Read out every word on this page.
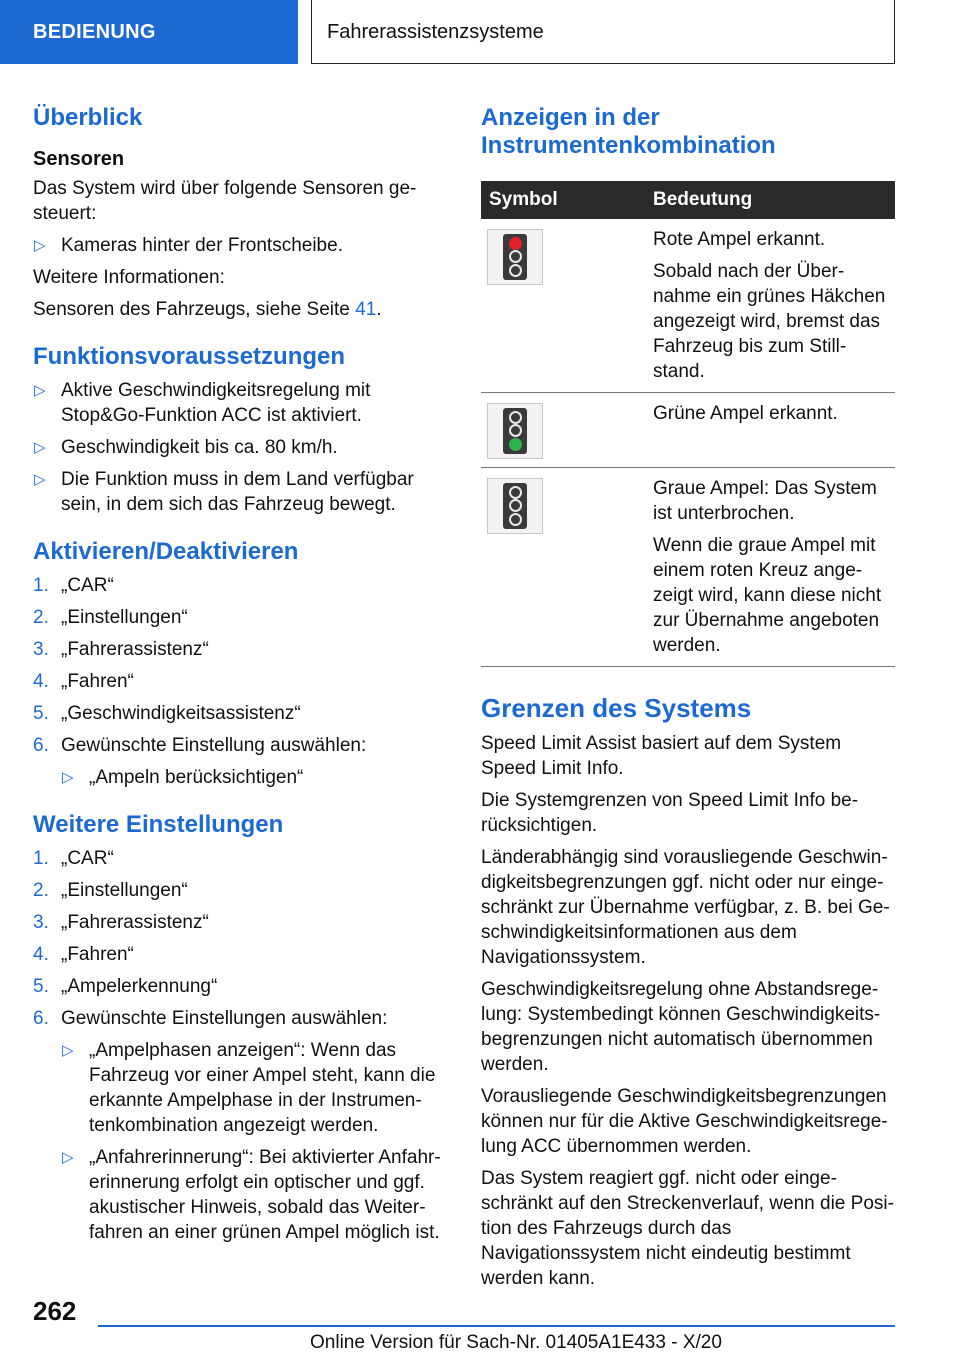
BEDIENUNG	Fahrerassistenzsysteme
Überblick
Sensoren

Das System wird über folgende Sensoren gesteuert:

▷ Kameras hinter der Frontscheibe.

Weitere Informationen:

Sensoren des Fahrzeugs, siehe Seite 41.

Funktionsvoraussetzungen
▷ Aktive Geschwindigkeitsregelung mit Stop&Go-Funktion ACC ist aktiviert.
▷ Geschwindigkeit bis ca. 80 km/h.
▷ Die Funktion muss in dem Land verfügbar sein, in dem sich das Fahrzeug bewegt.
Aktivieren/Deaktivieren
1. „CAR“
2. „Einstellungen“
3. „Fahrerassistenz“
4. „Fahren“
5. „Geschwindigkeitsassistenz“
6. Gewünschte Einstellung auswählen:
▷ „Ampeln berücksichtigen“
Weitere Einstellungen
1. „CAR“
2. „Einstellungen“
3. „Fahrerassistenz“
4. „Fahren“
5. „Ampelerkennung“
6. Gewünschte Einstellungen auswählen:
▷ „Ampelphasen anzeigen“: Wenn das Fahrzeug vor einer Ampel steht, kann die erkannte Ampelphase in der Instrumentenkombination angezeigt werden.
▷ „Anfahrerinnerung“: Bei aktivierter Anfahrerinnerung erfolgt ein optischer und ggf. akustischer Hinweis, sobald das Weiterfahren an einer grünen Ampel möglich ist.
Anzeigen in der Instrumentenkombination
Symbol	Bedeutung

	Rote Ampel erkannt.

Sobald nach der Übernahme ein grünes Häkchen angezeigt wird, bremst das Fahrzeug bis zum Stillstand.

	Grüne Ampel erkannt.

	Graue Ampel: Das System ist unterbrochen.

Wenn die graue Ampel mit einem roten Kreuz angezeigt wird, kann diese nicht zur Übernahme angeboten werden.

Grenzen des Systems

Speed Limit Assist basiert auf dem System Speed Limit Info.

Die Systemgrenzen von Speed Limit Info berücksichtigen.

Länderabhängig sind vorausliegende Geschwindigkeitsbegrenzungen ggf. nicht oder nur eingeschränkt zur Übernahme verfügbar, z. B. bei Geschwindigkeitsinformationen aus dem Navigationssystem.

Geschwindigkeitsregelung ohne Abstandsregelung: Systembedingt können Geschwindigkeitsbegrenzungen nicht automatisch übernommen werden.

Vorausliegende Geschwindigkeitsbegrenzungen können nur für die Aktive Geschwindigkeitsregelung ACC übernommen werden.

Das System reagiert ggf. nicht oder eingeschränkt auf den Streckenverlauf, wenn die Position des Fahrzeugs durch das Navigationssystem nicht eindeutig bestimmt werden kann.

262
Online Version für Sach-Nr. 01405A1E433 - X/20
